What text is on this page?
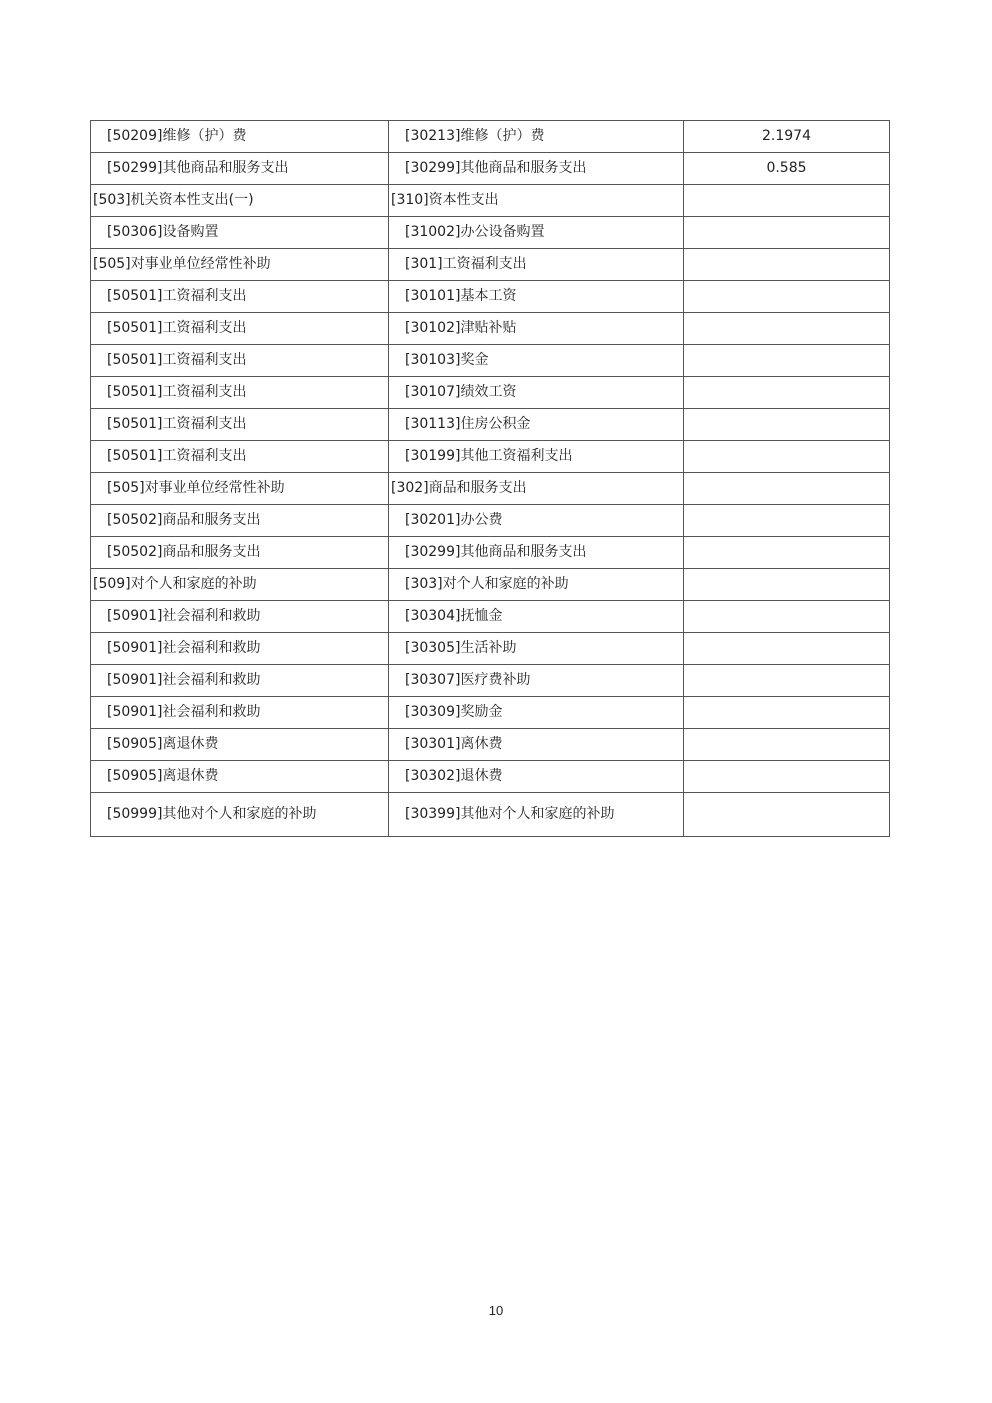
[50209]维修（护）费	[30213]维修（护）费	2.1974
[50299]其他商品和服务支出	[30299]其他商品和服务支出	0.585
[503]机关资本性支出(一)	[310]资本性支出	
[50306]设备购置	[31002]办公设备购置	
[505]对事业单位经常性补助	[301]工资福利支出	
[50501]工资福利支出	[30101]基本工资	
[50501]工资福利支出	[30102]津贴补贴	
[50501]工资福利支出	[30103]奖金	
[50501]工资福利支出	[30107]绩效工资	
[50501]工资福利支出	[30113]住房公积金	
[50501]工资福利支出	[30199]其他工资福利支出	
[505]对事业单位经常性补助	[302]商品和服务支出	
[50502]商品和服务支出	[30201]办公费	
[50502]商品和服务支出	[30299]其他商品和服务支出	
[509]对个人和家庭的补助	[303]对个人和家庭的补助	
[50901]社会福利和救助	[30304]抚恤金	
[50901]社会福利和救助	[30305]生活补助	
[50901]社会福利和救助	[30307]医疗费补助	
[50901]社会福利和救助	[30309]奖励金	
[50905]离退休费	[30301]离休费	
[50905]离退休费	[30302]退休费	
[50999]其他对个人和家庭的补助	[30399]其他对个人和家庭的补助	
10
